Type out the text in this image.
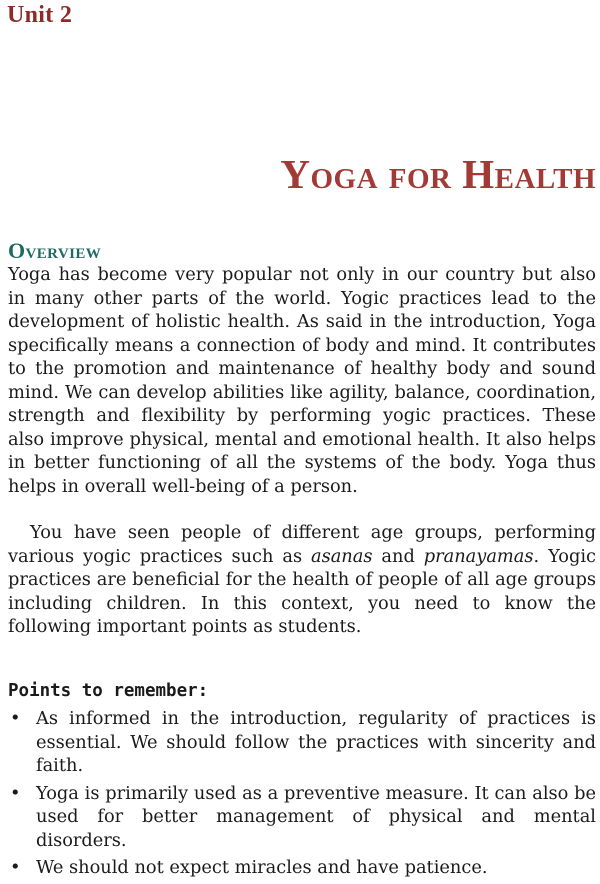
Unit 2
Yoga for Health
Overview

Yoga has become very popular not only in our country but also in many other parts of the world. Yogic practices lead to the development of holistic health. As said in the introduction, Yoga specifically means a connection of body and mind. It contributes to the promotion and maintenance of healthy body and sound mind. We can develop abilities like agility, balance, coordination, strength and flexibility by performing yogic practices. These also improve physical, mental and emotional health. It also helps in better functioning of all the systems of the body. Yoga thus helps in overall well-being of a person.

You have seen people of different age groups, performing various yogic practices such as asanas and pranayamas. Yogic practices are beneficial for the health of people of all age groups including children. In this context, you need to know the following important points as students.

Points to remember:
• As informed in the introduction, regularity of practices is essential. We should follow the practices with sincerity and faith.
• Yoga is primarily used as a preventive measure. It can also be used for better management of physical and mental disorders.
• We should not expect miracles and have patience.
